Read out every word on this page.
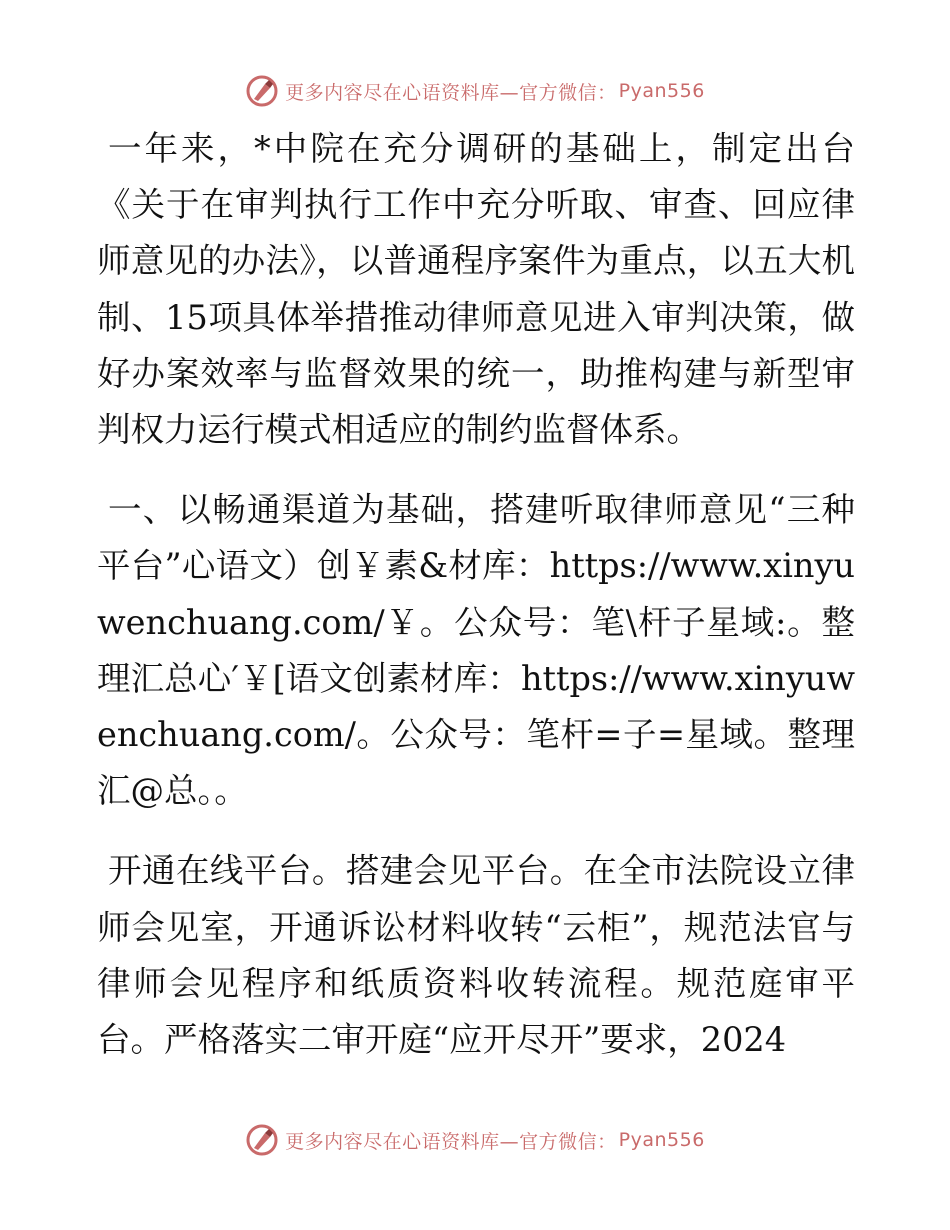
更多内容尽在心语资料库—官方微信： Pyan556

一年来，*中院在充分调研的基础上，制定出台《关于在审判执行工作中充分听取、审查、回应律师意见的办法》，以普通程序案件为重点，以五大机制、15项具体举措推动律师意见进入审判决策，做好办案效率与监督效果的统一，助推构建与新型审判权力运行模式相适应的制约监督体系。

一、以畅通渠道为基础，搭建听取律师意见“三种平台”心语文）创￥素&材库：https://www.xinyuwenchuang.com/￥。公众号：笔\杆子星域:。整理汇总心′￥[语文创素材库：https://www.xinyuwenchuang.com/。公众号：笔杆=子=星域。整理汇@总。。

开通在线平台。搭建会见平台。在全市法院设立律师会见室，开通诉讼材料收转“云柜”，规范法官与律师会见程序和纸质资料收转流程。规范庭审平台。严格落实二审开庭“应开尽开”要求，2024

更多内容尽在心语资料库—官方微信： Pyan556
